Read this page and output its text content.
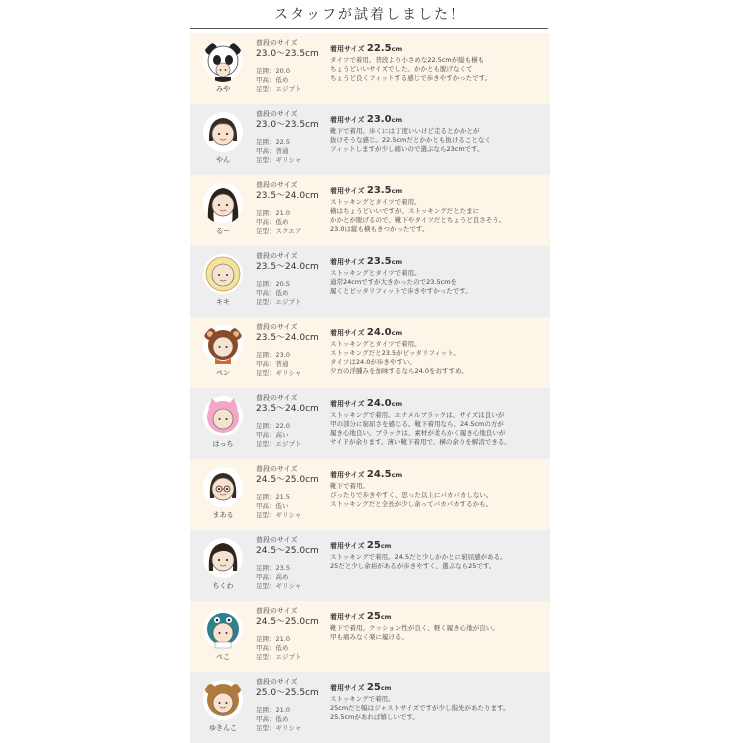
スタッフが試着しました！
みや
普段のサイズ
23.0～23.5cm
足囲：20.0
甲高：低め
足型：エジプト
着用サイズ 22.5cm
タイツで着用。普段より小さめな22.5cmが縦も横も
ちょうどいいサイズでした。かかとも脱げなくて
ちょうど良くフィットする感じで歩きやすかったです。
やん
普段のサイズ
23.0～23.5cm
足囲：22.5
甲高：普通
足型：ギリシャ
着用サイズ 23.0cm
靴下で着用。歩くには丁度いいけど走るとかかとが
抜けそうな感じ。22.5cmだとかかとも抜けることなく
フィットしますが少し痛いので選ぶなら23cmです。
るー
普段のサイズ
23.5～24.0cm
足囲：21.0
甲高：低め
足型：スクエア
着用サイズ 23.5cm
ストッキングとタイツで着用。
横はちょうどいいですが、ストッキングだとたまに
かかとが脱げるので、靴下やタイツだとちょうど良さそう。
23.0は縦も横もきつかったです。
キキ
普段のサイズ
23.5～24.0cm
足囲：20.5
甲高：低め
足型：エジプト
着用サイズ 23.5cm
ストッキングとタイツで着用。
通常24cmですが大きかったので23.5cmを
履くとピッタリフィットで歩きやすかったです。
ペン
普段のサイズ
23.5～24.0cm
足囲：23.0
甲高：普通
足型：ギリシャ
着用サイズ 24.0cm
ストッキングとタイツで着用。
ストッキングだと23.5がピッタリフィット。
タイツは24.0が歩きやすい。
夕方の浮腫みを加味するなら24.0をおすすめ。
はっち
普段のサイズ
23.5～24.0cm
足囲：22.0
甲高：高い
足型：エジプト
着用サイズ 24.0cm
ストッキングで着用。エナメルブラックは、サイズは良いが
甲の部分に窮屈さを感じる。靴下着用なら、24.5cmの方が
履き心地良い。ブラックは、素材が柔らかく履き心地良いが
サイドが余ります。薄い靴下着用で、横の余りを解消できる。
まある
普段のサイズ
24.5～25.0cm
足囲：21.5
甲高：低い
足型：ギリシャ
着用サイズ 24.5cm
靴下で着用。
ぴったりで歩きやすく、思った以上にパカパカしない。
ストッキングだと全長が少し余ってパカパカするかも。
ちくわ
普段のサイズ
24.5～25.0cm
足囲：23.5
甲高：高め
足型：ギリシャ
着用サイズ 25cm
ストッキングで着用。24.5だと少しかかとに窮屈感がある。
25だと少し余裕があるが歩きやすく、選ぶなら25です。
ぺこ
普段のサイズ
24.5～25.0cm
足囲：21.0
甲高：低め
足型：エジプト
着用サイズ 25cm
靴下で着用。クッション性が良く、軽く履き心地が良い。
甲も痛みなく楽に履ける。
ゆきんこ
普段のサイズ
25.0～25.5cm
足囲：21.0
甲高：低め
足型：ギリシャ
着用サイズ 25cm
ストッキングで着用。
25cmだと幅はジャストサイズですが少し指先があたります。
25.5cmがあれば嬉しいです。
